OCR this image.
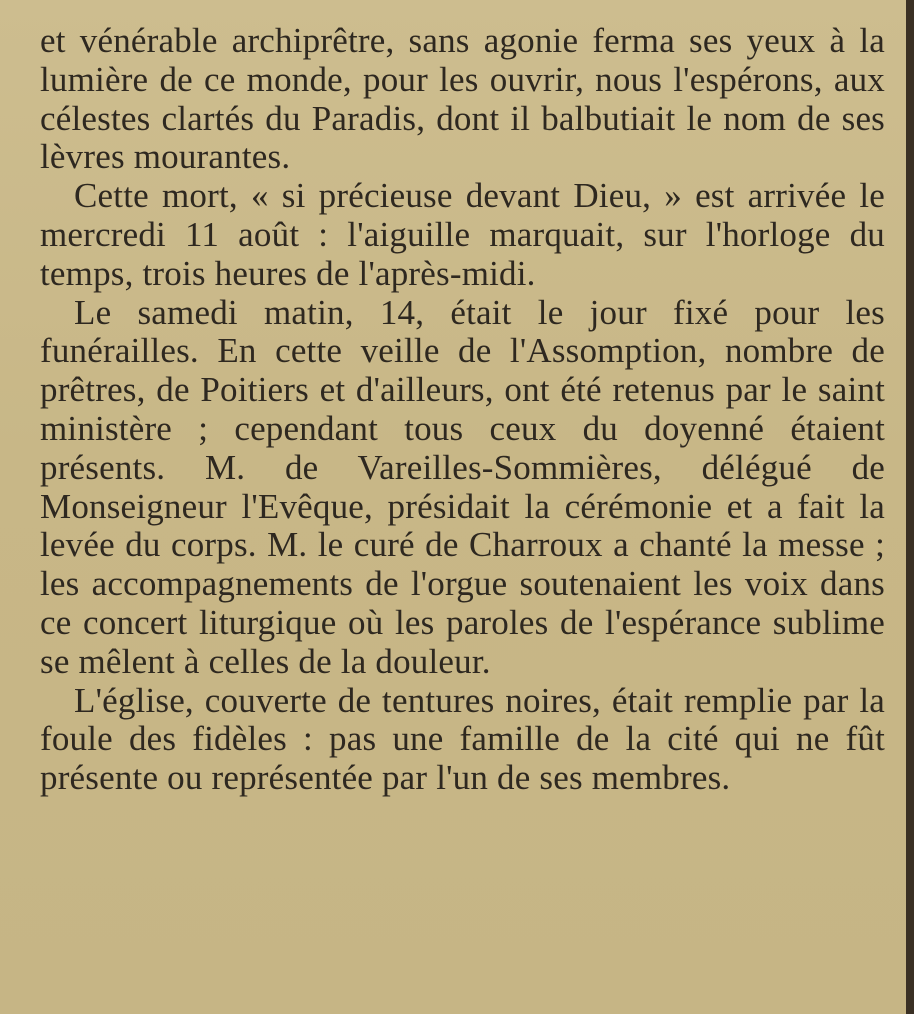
et vénérable archiprêtre, sans agonie ferma ses yeux à la lumière de ce monde, pour les ouvrir, nous l'espérons, aux célestes clartés du Paradis, dont il balbutiait le nom de ses lèvres mourantes.

Cette mort, « si précieuse devant Dieu, » est arrivée le mercredi 11 août : l'aiguille marquait, sur l'horloge du temps, trois heures de l'après-midi.

Le samedi matin, 14, était le jour fixé pour les funérailles. En cette veille de l'Assomption, nombre de prêtres, de Poitiers et d'ailleurs, ont été retenus par le saint ministère ; cependant tous ceux du doyenné étaient présents. M. de Vareilles-Sommières, délégué de Monseigneur l'Evêque, présidait la cérémonie et a fait la levée du corps. M. le curé de Charroux a chanté la messe ; les accompagnements de l'orgue soutenaient les voix dans ce concert liturgique où les paroles de l'espérance sublime se mêlent à celles de la douleur.

L'église, couverte de tentures noires, était remplie par la foule des fidèles : pas une famille de la cité qui ne fût présente ou représentée par l'un de ses membres.
